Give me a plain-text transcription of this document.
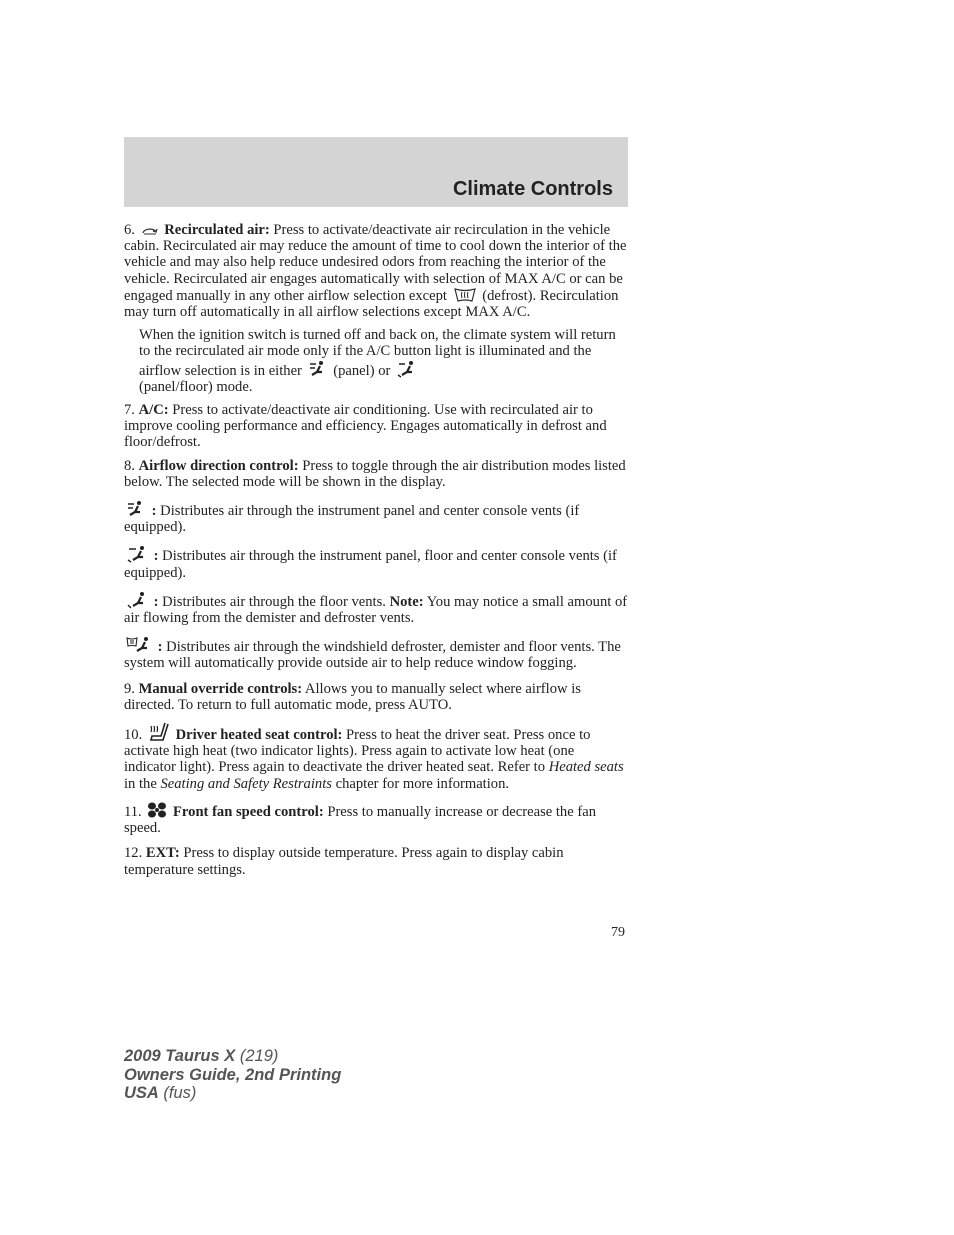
Climate Controls

6. Recirculated air: Press to activate/deactivate air recirculation in the vehicle cabin. Recirculated air may reduce the amount of time to cool down the interior of the vehicle and may also help reduce undesired odors from reaching the interior of the vehicle. Recirculated air engages automatically with selection of MAX A/C or can be engaged manually in any other airflow selection except  (defrost). Recirculation may turn off automatically in all airflow selections except MAX A/C.

When the ignition switch is turned off and back on, the climate system will return to the recirculated air mode only if the A/C button light is illuminated and the airflow selection is in either  (panel) or
(panel/floor) mode.

7. A/C: Press to activate/deactivate air conditioning. Use with recirculated air to improve cooling performance and efficiency. Engages automatically in defrost and floor/defrost.

8. Airflow direction control: Press to toggle through the air distribution modes listed below. The selected mode will be shown in the display.

: Distributes air through the instrument panel and center console vents (if equipped).

: Distributes air through the instrument panel, floor and center console vents (if equipped).

: Distributes air through the floor vents. Note: You may notice a small amount of air flowing from the demister and defroster vents.

: Distributes air through the windshield defroster, demister and floor vents. The system will automatically provide outside air to help reduce window fogging.

9. Manual override controls: Allows you to manually select where airflow is directed. To return to full automatic mode, press AUTO.

10. Driver heated seat control: Press to heat the driver seat. Press once to activate high heat (two indicator lights). Press again to activate low heat (one indicator light). Press again to deactivate the driver heated seat. Refer to Heated seats in the Seating and Safety Restraints chapter for more information.

11. Front fan speed control: Press to manually increase or decrease the fan speed.

12. EXT: Press to display outside temperature. Press again to display cabin temperature settings.

79
2009 Taurus X (219)
Owners Guide, 2nd Printing
USA (fus)
